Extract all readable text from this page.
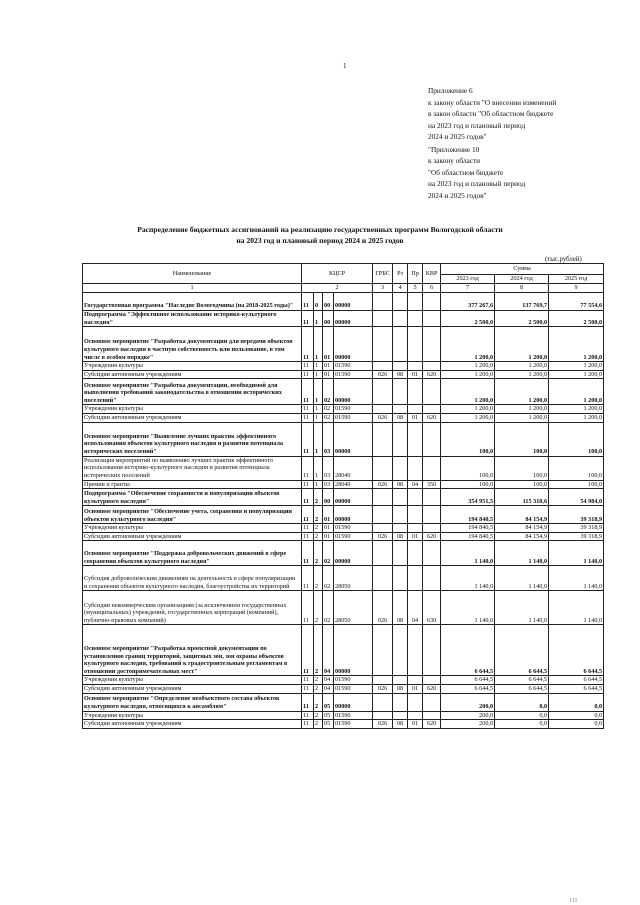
1
Приложение 6
к закону области "О внесении изменений
в закон области "Об областном бюджете
на 2023 год и плановый период
2024 и 2025 годов"
"Приложение 10
к закону области
"Об областном бюджете
на 2023 год и плановый период
2024 и 2025 годов"
Распределение бюджетных ассигнований на реализацию государственных программ Вологодской области
на 2023 год и плановый период 2024 и 2025 годов
(тыс.рублей)
Наименование	КЦСР				ГРБС	Рз	Пр	КВР	Сумма		
									2023 год	2024 год	2025 год
1	2				3	4	5	6	7	8	9
Государственная программа "Наследие Вологодчины (на 2018-2025 годы)"	11	0	00	00000					377 267,6	137 769,7	77 554,6
Подпрограмма "Эффективное использование историко-культурного наследия"	11	1	00	00000					2 500,0	2 500,0	2 500,0
Основное мероприятие "Разработка документации для передачи объектов культурного наследия в частную собственность или пользование, в том числе в особом порядке"	11	1	01	00000					1 200,0	1 200,0	1 200,0
Учреждения культуры	11	1	01	01590					1 200,0	1 200,0	1 200,0
Субсидии автономным учреждениям	11	1	01	01590	026	08	01	620	1 200,0	1 200,0	1 200,0
Основное мероприятие "Разработка документации, необходимой для выполнения требований законодательства в отношении исторических поселений"	11	1	02	00000					1 200,0	1 200,0	1 200,0
Учреждения культуры	11	1	02	01590					1 200,0	1 200,0	1 200,0
Субсидии автономным учреждениям	11	1	02	01590	026	08	01	620	1 200,0	1 200,0	1 200,0
Основное мероприятие "Выявление лучших практик эффективного использования объектов культурного наследия и развития потенциала исторических поселений"	11	1	03	00000					100,0	100,0	100,0
Реализация мероприятий по выявлению лучших практик эффективного использования историко-культурного наследия и развития потенциала исторических поселений	11	1	03	28040					100,0	100,0	100,0
Премии и гранты	11	1	03	28040	026	08	04	350	100,0	100,0	100,0
Подпрограмма "Обеспечение сохранности и популяризации объектов культурного наследия"	11	2	00	00000					354 951,5	115 318,6	54 984,0
Основное мероприятие "Обеспечение учета, сохранения и популяризации объектов культурного наследия"	11	2	01	00000					194 840,5	84 154,9	39 318,9
Учреждения культуры	11	2	01	01590					194 840,5	84 154,9	39 318,9
Субсидии автономным учреждениям	11	2	01	01590	026	08	01	620	194 840,5	84 154,9	39 318,9
Основное мероприятие "Поддержка добровольческих движений в сфере сохранения объектов культурного наследия"	11	2	02	00000					1 140,0	1 140,0	1 140,0
Субсидия добровольческим движениям на деятельность в сфере популяризации и сохранения объектов культурного наследия, благоустройства их территорий	11	2	02	28050					1 140,0	1 140,0	1 140,0
Субсидии некоммерческим организациям (за исключением государственных (муниципальных) учреждений, государственных корпораций (компаний), публично-правовых компаний)	11	2	02	28050	026	08	04	630	1 140,0	1 140,0	1 140,0
Основное мероприятие "Разработка проектной документации по установлению границ территорий, защитных зон, зон охраны объектов культурного наследия, требований к градостроительным регламентам в отношении достопримечательных мест"	11	2	04	00000					6 644,5	6 644,5	6 644,5
Учреждения культуры	11	2	04	01590					6 644,5	6 644,5	6 644,5
Субсидии автономным учреждениям	11	2	04	01590	026	08	01	620	6 644,5	6 644,5	6 644,5
Основное мероприятие "Определение необъектного состава объектов культурного наследия, относящихся к ансамблям"	11	2	05	00000					200,0	0,0	0,0
Учреждения культуры	11	2	05	01590					200,0	0,0	0,0
Субсидии автономным учреждениям	11	2	05	01590	026	08	01	620	200,0	0,0	0,0
111
